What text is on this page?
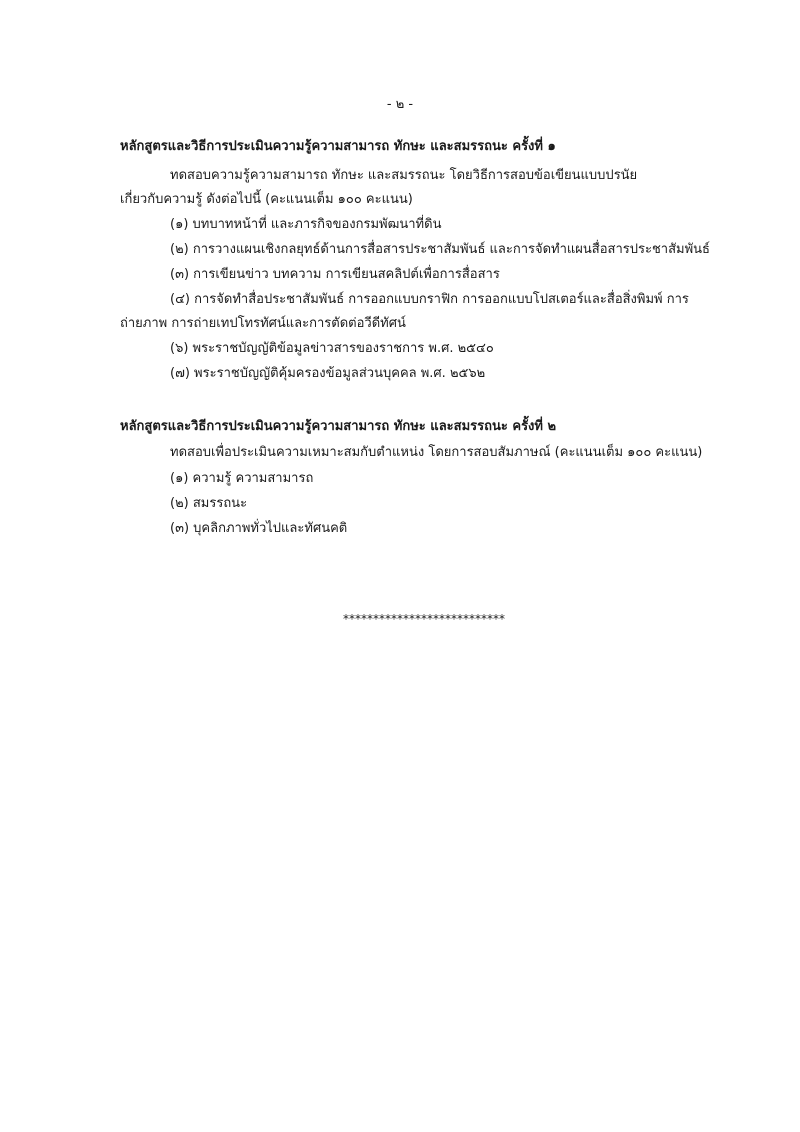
- ๒ -
หลักสูตรและวิธีการประเมินความรู้ความสามารถ ทักษะ และสมรรถนะ ครั้งที่ ๑
ทดสอบความรู้ความสามารถ ทักษะ และสมรรถนะ โดยวิธีการสอบข้อเขียนแบบปรนัย
เกี่ยวกับความรู้ ดังต่อไปนี้ (คะแนนเต็ม ๑๐๐ คะแนน)
(๑) บทบาทหน้าที่ และภารกิจของกรมพัฒนาที่ดิน
(๒) การวางแผนเชิงกลยุทธ์ด้านการสื่อสารประชาสัมพันธ์ และการจัดทำแผนสื่อสารประชาสัมพันธ์
(๓) การเขียนข่าว บทความ การเขียนสคลิปต์เพื่อการสื่อสาร
(๔) การจัดทำสื่อประชาสัมพันธ์ การออกแบบกราฟิก การออกแบบโปสเตอร์และสื่อสิ่งพิมพ์ การ
ถ่ายภาพ การถ่ายเทปโทรทัศน์และการตัดต่อวีดีทัศน์
(๖) พระราชบัญญัติข้อมูลข่าวสารของราชการ พ.ศ. ๒๕๔๐
(๗) พระราชบัญญัติคุ้มครองข้อมูลส่วนบุคคล พ.ศ. ๒๕๖๒
หลักสูตรและวิธีการประเมินความรู้ความสามารถ ทักษะ และสมรรถนะ ครั้งที่ ๒
ทดสอบเพื่อประเมินความเหมาะสมกับตำแหน่ง โดยการสอบสัมภาษณ์ (คะแนนเต็ม ๑๐๐ คะแนน)
(๑) ความรู้ ความสามารถ
(๒) สมรรถนะ
(๓) บุคลิกภาพทั่วไปและทัศนคติ
***************************
